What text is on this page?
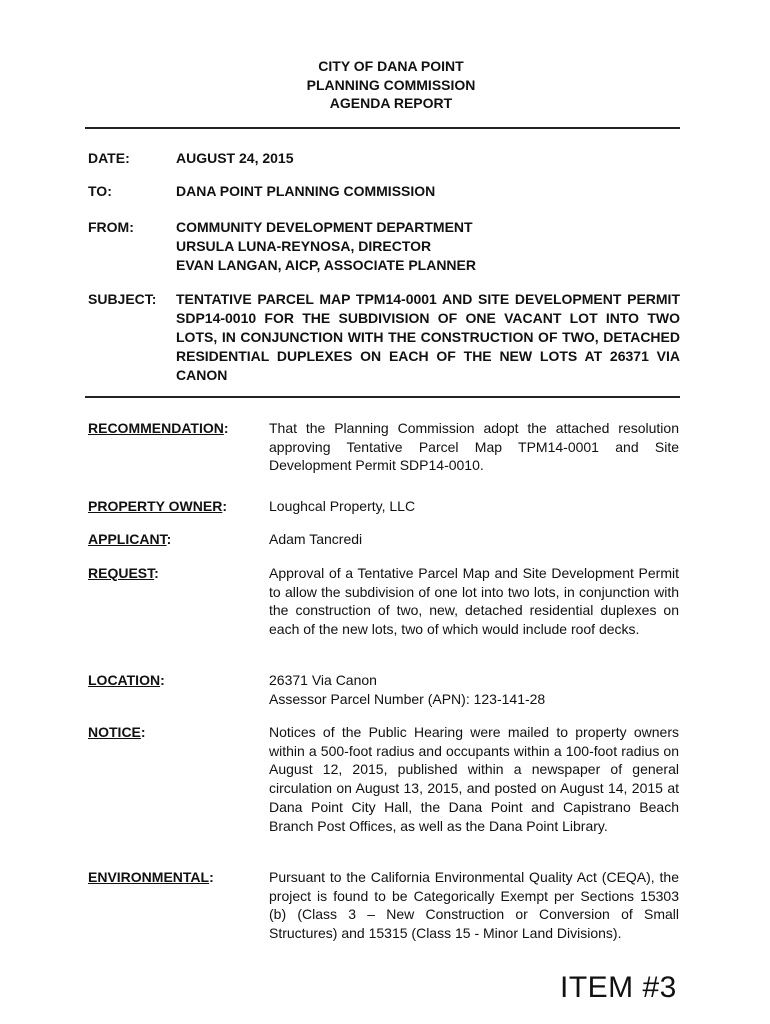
CITY OF DANA POINT
PLANNING COMMISSION
AGENDA REPORT
DATE:	AUGUST 24, 2015
TO:	DANA POINT PLANNING COMMISSION
FROM:	COMMUNITY DEVELOPMENT DEPARTMENT
URSULA LUNA-REYNOSA, DIRECTOR
EVAN LANGAN, AICP, ASSOCIATE PLANNER
SUBJECT:	TENTATIVE PARCEL MAP TPM14-0001 AND SITE DEVELOPMENT PERMIT SDP14-0010 FOR THE SUBDIVISION OF ONE VACANT LOT INTO TWO LOTS, IN CONJUNCTION WITH THE CONSTRUCTION OF TWO, DETACHED RESIDENTIAL DUPLEXES ON EACH OF THE NEW LOTS AT 26371 VIA CANON
RECOMMENDATION:	That the Planning Commission adopt the attached resolution approving Tentative Parcel Map TPM14-0001 and Site Development Permit SDP14-0010.
PROPERTY OWNER:	Loughcal Property, LLC
APPLICANT:	Adam Tancredi
REQUEST:	Approval of a Tentative Parcel Map and Site Development Permit to allow the subdivision of one lot into two lots, in conjunction with the construction of two, new, detached residential duplexes on each of the new lots, two of which would include roof decks.
LOCATION:	26371 Via Canon
Assessor Parcel Number (APN): 123-141-28
NOTICE:	Notices of the Public Hearing were mailed to property owners within a 500-foot radius and occupants within a 100-foot radius on August 12, 2015, published within a newspaper of general circulation on August 13, 2015, and posted on August 14, 2015 at Dana Point City Hall, the Dana Point and Capistrano Beach Branch Post Offices, as well as the Dana Point Library.
ENVIRONMENTAL:	Pursuant to the California Environmental Quality Act (CEQA), the project is found to be Categorically Exempt per Sections 15303 (b) (Class 3 – New Construction or Conversion of Small Structures) and 15315 (Class 15 - Minor Land Divisions).
ITEM #3
